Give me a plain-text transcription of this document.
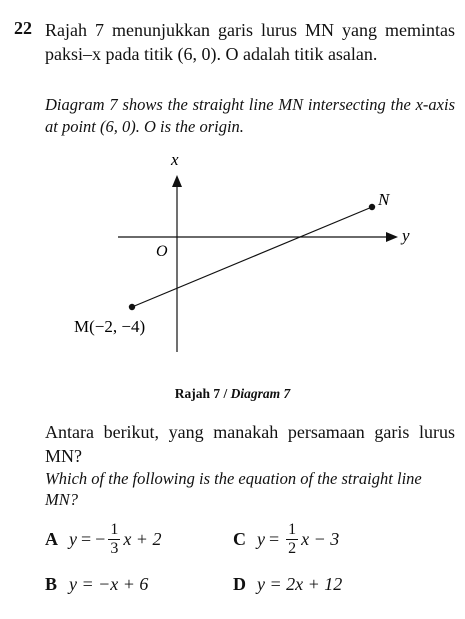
22 Rajah 7 menunjukkan garis lurus MN yang memintas paksi–x pada titik (6, 0). O adalah titik asalan.
Diagram 7 shows the straight line MN intersecting the x-axis at point (6, 0). O is the origin.
x
y
O
N
M(−2, −4)
Rajah 7 / Diagram 7
Antara berikut, yang manakah persamaan garis lurus MN?
Which of the following is the equation of the straight line MN?
A y = − $\frac{1}{3}$ x + 2	C $y = \frac{1}{2}$ x − 3
B y = −x + 6	D y = 2x + 12
